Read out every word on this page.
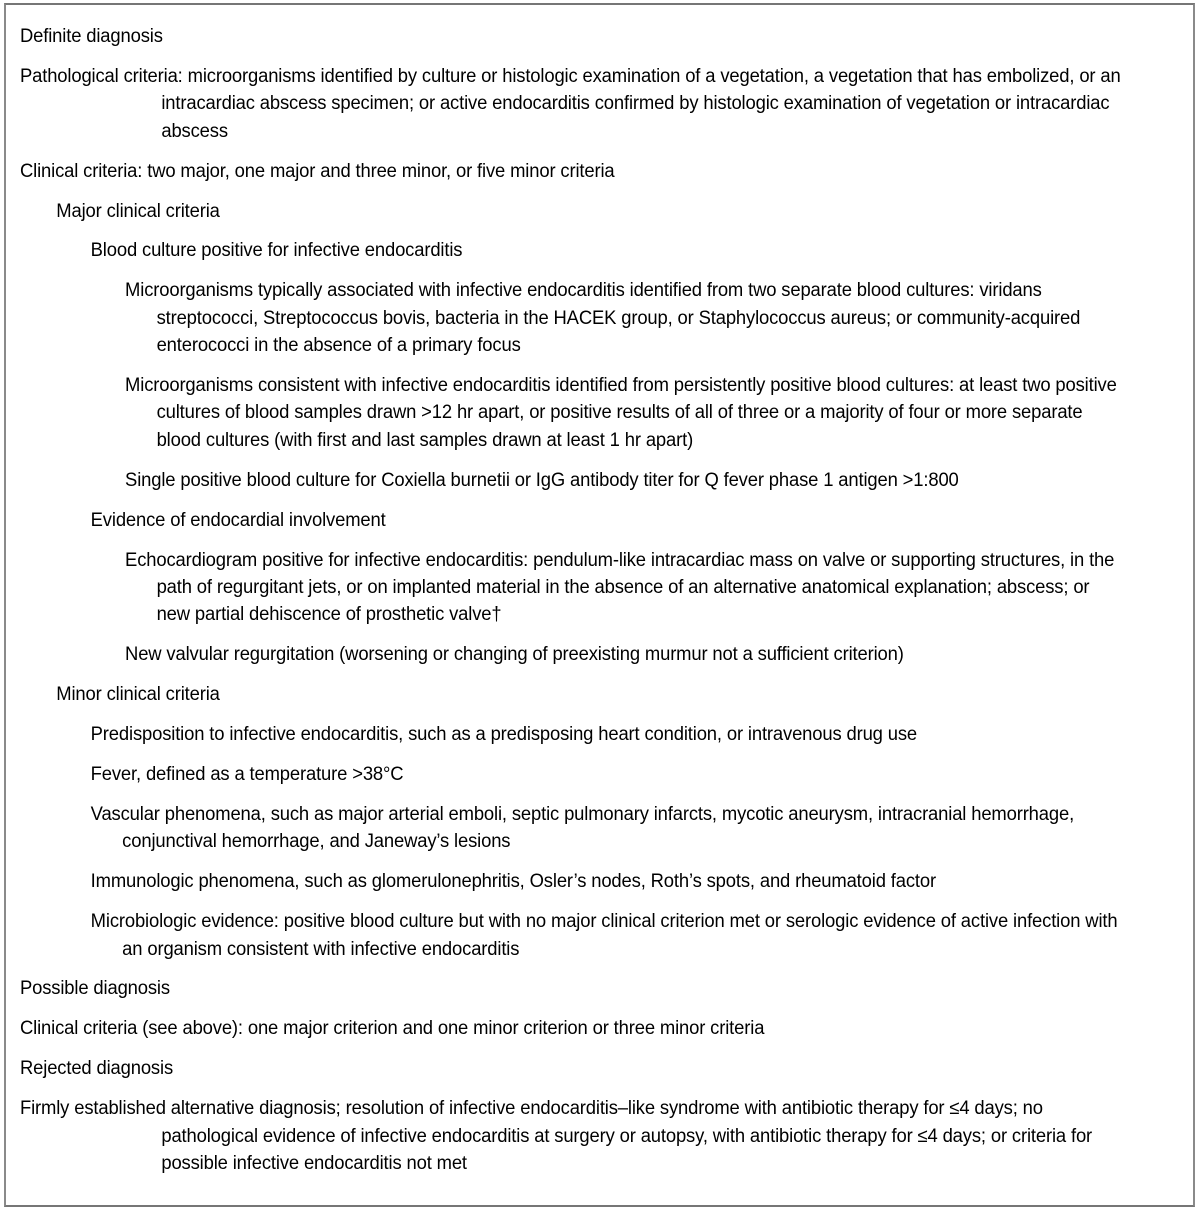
Definite diagnosis
Pathological criteria: microorganisms identified by culture or histologic examination of a vegetation, a vegetation that has embolized, or an intracardiac abscess specimen; or active endocarditis confirmed by histologic examination of vegetation or intracardiac abscess
Clinical criteria: two major, one major and three minor, or five minor criteria
Major clinical criteria
Blood culture positive for infective endocarditis
Microorganisms typically associated with infective endocarditis identified from two separate blood cultures: viridans streptococci, Streptococcus bovis, bacteria in the HACEK group, or Staphylococcus aureus; or community-acquired enterococci in the absence of a primary focus
Microorganisms consistent with infective endocarditis identified from persistently positive blood cultures: at least two positive cultures of blood samples drawn >12 hr apart, or positive results of all of three or a majority of four or more separate blood cultures (with first and last samples drawn at least 1 hr apart)
Single positive blood culture for Coxiella burnetii or IgG antibody titer for Q fever phase 1 antigen >1:800
Evidence of endocardial involvement
Echocardiogram positive for infective endocarditis: pendulum-like intracardiac mass on valve or supporting structures, in the path of regurgitant jets, or on implanted material in the absence of an alternative anatomical explanation; abscess; or new partial dehiscence of prosthetic valve†
New valvular regurgitation (worsening or changing of preexisting murmur not a sufficient criterion)
Minor clinical criteria
Predisposition to infective endocarditis, such as a predisposing heart condition, or intravenous drug use
Fever, defined as a temperature >38°C
Vascular phenomena, such as major arterial emboli, septic pulmonary infarcts, mycotic aneurysm, intracranial hemorrhage, conjunctival hemorrhage, and Janeway’s lesions
Immunologic phenomena, such as glomerulonephritis, Osler’s nodes, Roth’s spots, and rheumatoid factor
Microbiologic evidence: positive blood culture but with no major clinical criterion met or serologic evidence of active infection with an organism consistent with infective endocarditis
Possible diagnosis
Clinical criteria (see above): one major criterion and one minor criterion or three minor criteria
Rejected diagnosis
Firmly established alternative diagnosis; resolution of infective endocarditis–like syndrome with antibiotic therapy for ≤4 days; no pathological evidence of infective endocarditis at surgery or autopsy, with antibiotic therapy for ≤4 days; or criteria for possible infective endocarditis not met
